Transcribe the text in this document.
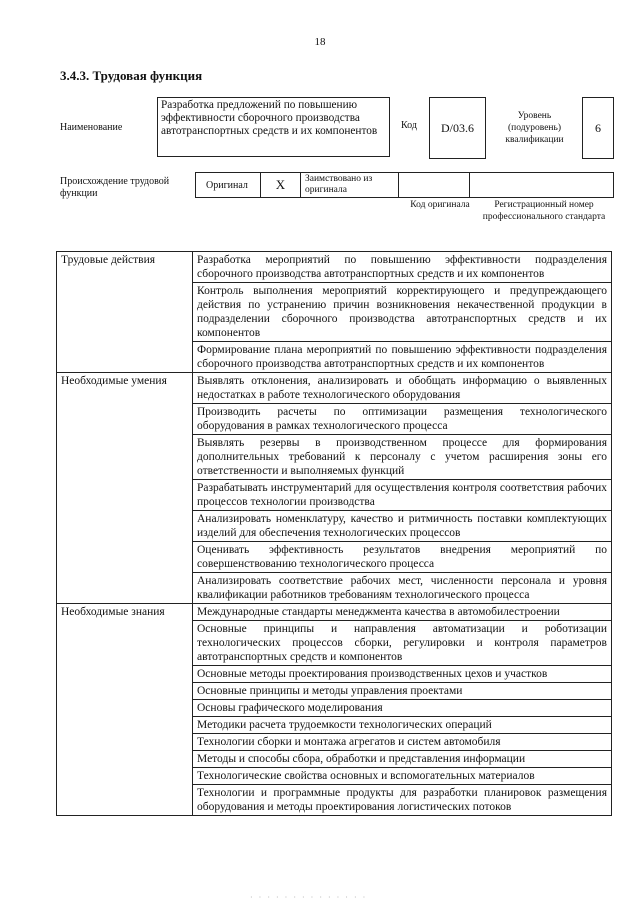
18
3.4.3. Трудовая функция
Наименование
Разработка предложений по повышению эффективности сборочного производства автотранспортных средств и их компонентов	Код	D/03.6
Уровень (подуровень) квалификации
6
Происхождение трудовой функции
Оригинал	X	Заимствовано из оригинала
Код оригинала	Регистрационный номер профессионального стандарта
Трудовые действия	Разработка мероприятий по повышению эффективности подразделения сборочного производства автотранспортных средств и их компонентов
	Контроль выполнения мероприятий корректирующего и предупреждающего действия по устранению причин возникновения некачественной продукции в подразделении сборочного производства автотранспортных средств и их компонентов
	Формирование плана мероприятий по повышению эффективности подразделения сборочного производства автотранспортных средств и их компонентов
Необходимые умения	Выявлять отклонения, анализировать и обобщать информацию о выявленных недостатках в работе технологического оборудования
	Производить расчеты по оптимизации размещения технологического оборудования в рамках технологического процесса
	Выявлять резервы в производственном процессе для формирования дополнительных требований к персоналу с учетом расширения зоны его ответственности и выполняемых функций
	Разрабатывать инструментарий для осуществления контроля соответствия рабочих процессов технологии производства
	Анализировать номенклатуру, качество и ритмичность поставки комплектующих изделий для обеспечения технологических процессов
	Оценивать эффективность результатов внедрения мероприятий по совершенствованию технологического процесса
	Анализировать соответствие рабочих мест, численности персонала и уровня квалификации работников требованиям технологического процесса
Необходимые знания	Международные стандарты менеджмента качества в автомобилестроении
	Основные принципы и направления автоматизации и роботизации технологических процессов сборки, регулировки и контроля параметров автотранспортных средств и компонентов
	Основные методы проектирования производственных цехов и участков
	Основные принципы и методы управления проектами
	Основы графического моделирования
	Методики расчета трудоемкости технологических операций
	Технологии сборки и монтажа агрегатов и систем автомобиля
	Методы и способы сбора, обработки и представления информации
	Технологические свойства основных и вспомогательных материалов
	Технологии и программные продукты для разработки планировок размещения оборудования и методы проектирования логистических потоков
· · · · · · · · · · · · · ·
